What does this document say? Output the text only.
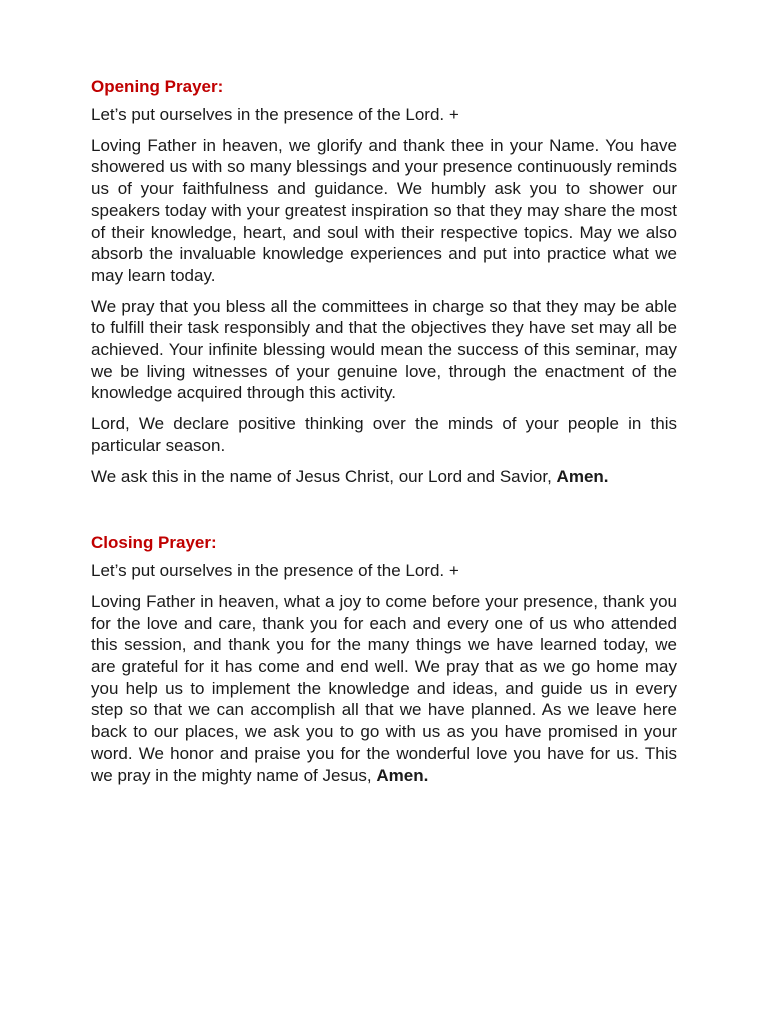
Opening Prayer:

Let’s put ourselves in the presence of the Lord. +

Loving Father in heaven, we glorify and thank thee in your Name. You have showered us with so many blessings and your presence continuously reminds us of your faithfulness and guidance. We humbly ask you to shower our speakers today with your greatest inspiration so that they may share the most of their knowledge, heart, and soul with their respective topics. May we also absorb the invaluable knowledge experiences and put into practice what we may learn today.

We pray that you bless all the committees in charge so that they may be able to fulfill their task responsibly and that the objectives they have set may all be achieved. Your infinite blessing would mean the success of this seminar, may we be living witnesses of your genuine love, through the enactment of the knowledge acquired through this activity.

Lord, We declare positive thinking over the minds of your people in this particular season.

We ask this in the name of Jesus Christ, our Lord and Savior, Amen.

Closing Prayer:

Let’s put ourselves in the presence of the Lord. +

Loving Father in heaven, what a joy to come before your presence, thank you for the love and care, thank you for each and every one of us who attended this session, and thank you for the many things we have learned today, we are grateful for it has come and end well. We pray that as we go home may you help us to implement the knowledge and ideas, and guide us in every step so that we can accomplish all that we have planned. As we leave here back to our places, we ask you to go with us as you have promised in your word. We honor and praise you for the wonderful love you have for us. This we pray in the mighty name of Jesus, Amen.
